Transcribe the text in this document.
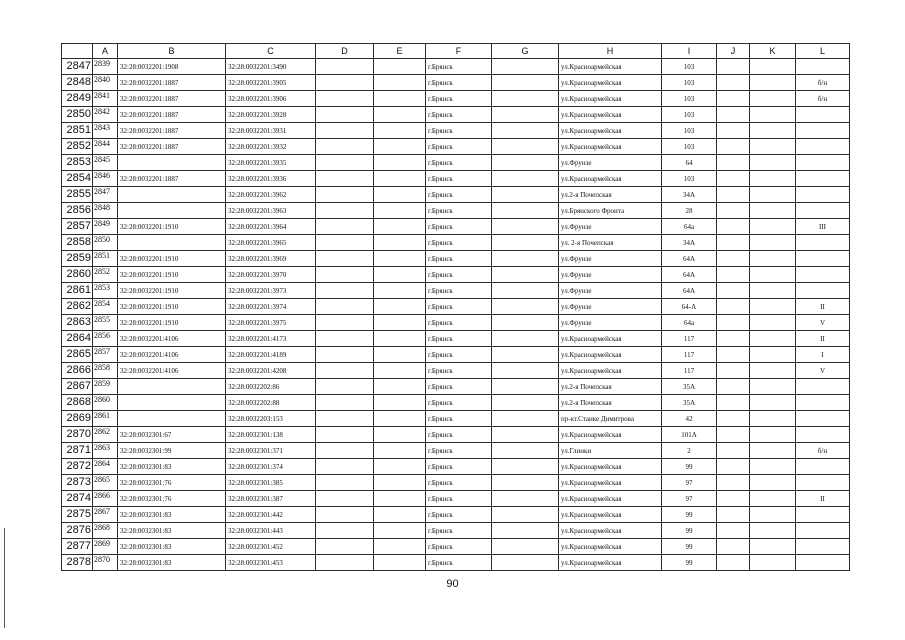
	A	B	C	D	E	F	G	H	I	J	K	L
2847	2839	32:28:0032201:1908	32:28:0032201:3490			г.Брянск		ул.Красноармейская	103			
2848	2840	32:28:0032201:1887	32:28:0032201:3905			г.Брянск		ул.Красноармейская	103			б/н
2849	2841	32:28:0032201:1887	32:28:0032201:3906			г.Брянск		ул.Красноармейская	103			б/н
2850	2842	32:28:0032201:1887	32:28:0032201:3928			г.Брянск		ул.Красноармейская	103			
2851	2843	32:28:0032201:1887	32:28:0032201:3931			г.Брянск		ул.Красноармейская	103			
2852	2844	32:28:0032201:1887	32:28:0032201:3932			г.Брянск		ул.Красноармейская	103			
2853	2845		32:28:0032201:3935			г.Брянск		ул.Фрунзе	64			
2854	2846	32:28:0032201:1887	32:28:0032201:3936			г.Брянск		ул.Красноармейская	103			
2855	2847		32:28:0032201:3962			г.Брянск		ул.2-я Почепская	34А			
2856	2848		32:28:0032201:3963			г.Брянск		ул.Брянского Фронта	28			
2857	2849	32:28:0032201:1910	32:28:0032201:3964			г.Брянск		ул.Фрунзе	64а			III
2858	2850		32:28:0032201:3965			г.Брянск		ул. 2-я Почепская	34А			
2859	2851	32:28:0032201:1910	32:28:0032201:3969			г.Брянск		ул.Фрунзе	64А			
2860	2852	32:28:0032201:1910	32:28:0032201:3970			г.Брянск		ул.Фрунзе	64А			
2861	2853	32:28:0032201:1910	32:28:0032201:3973			г.Брянск		ул.Фрунзе	64А			
2862	2854	32:28:0032201:1910	32:28:0032201:3974			г.Брянск		ул.Фрунзе	64-А			II
2863	2855	32:28:0032201:1910	32:28:0032201:3975			г.Брянск		ул.Фрунзе	64а			V
2864	2856	32:28:0032201:4106	32:28:0032201:4173			г.Брянск		ул.Красноармейская	117			II
2865	2857	32:28:0032201:4106	32:28:0032201:4189			г.Брянск		ул.Красноармейская	117			I
2866	2858	32:28:0032201:4106	32:28:0032201:4208			г.Брянск		ул.Красноармейская	117			V
2867	2859		32:28:0032202:86			г.Брянск		ул.2-я Почепская	35А			
2868	2860		32:28:0032202:88			г.Брянск		ул.2-я Почепская	35А			
2869	2861		32:28:0032203:153			г.Брянск		пр-кт.Станке Димитрова	42			
2870	2862	32:28:0032301:67	32:28:0032301:138			г.Брянск		ул.Красноармейская	101А			
2871	2863	32:28:0032301:99	32:28:0032301:371			г.Брянск		ул.Глинки	2			б/н
2872	2864	32:28:0032301:83	32:28:0032301:374			г.Брянск		ул.Красноармейская	99			
2873	2865	32:28:0032301:76	32:28:0032301:385			г.Брянск		ул.Красноармейская	97			
2874	2866	32:28:0032301:76	32:28:0032301:387			г.Брянск		ул.Красноармейская	97			II
2875	2867	32:28:0032301:83	32:28:0032301:442			г.Брянск		ул.Красноармейская	99			
2876	2868	32:28:0032301:83	32:28:0032301:443			г.Брянск		ул.Красноармейская	99			
2877	2869	32:28:0032301:83	32:28:0032301:452			г.Брянск		ул.Красноармейская	99			
2878	2870	32:28:0032301:83	32:28:0032301:453			г.Брянск		ул.Красноармейская	99			
90
